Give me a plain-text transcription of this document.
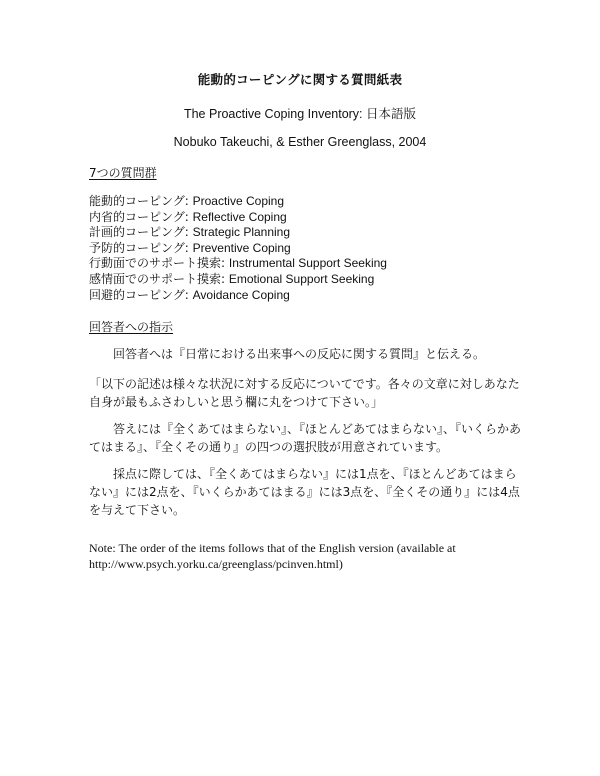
能動的コーピングに関する質問紙表
The Proactive Coping Inventory: 日本語版
Nobuko Takeuchi, & Esther Greenglass, 2004
7つの質問群
能動的コーピング: Proactive Coping
内省的コーピング: Reflective Coping
計画的コーピング: Strategic Planning
予防的コーピング: Preventive Coping
行動面でのサポート摸索: Instrumental Support Seeking
感情面でのサポート摸索: Emotional Support Seeking
回避的コーピング: Avoidance Coping
回答者への指示

回答者へは『日常における出来事への反応に関する質問』と伝える。

「以下の記述は様々な状況に対する反応についてです。各々の文章に対しあなた自身が最もふさわしいと思う欄に丸をつけて下さい。」

答えには『全くあてはまらない』、『ほとんどあてはまらない』、『いくらかあてはまる』、『全くその通り』の四つの選択肢が用意されています。

採点に際しては、『全くあてはまらない』には1点を、『ほとんどあてはまらない』には2点を、『いくらかあてはまる』には3点を、『全くその通り』には4点を与えて下さい。

Note: The order of the items follows that of the English version (available at
http://www.psych.yorku.ca/greenglass/pcinven.html)
